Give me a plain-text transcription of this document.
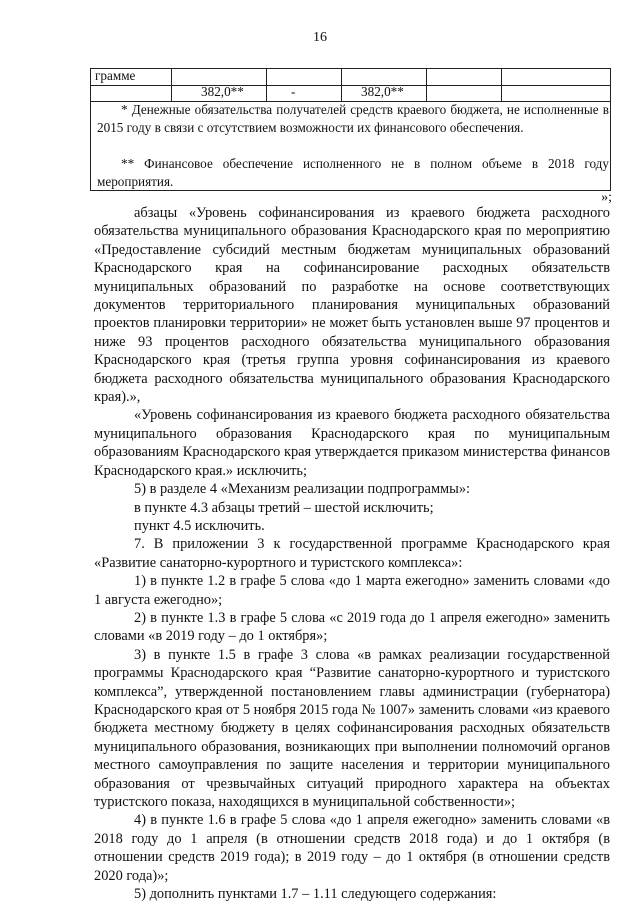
16
грамме
382,0**	-	382,0**
* Денежные обязательства получателей средств краевого бюджета, не исполненные в 2015 году в связи с отсутствием возможности их финансового обеспечения.
** Финансовое обеспечение исполненного не в полном объеме в 2018 году мероприятия.
»;

абзацы «Уровень софинансирования из краевого бюджета расходного обязательства муниципального образования Краснодарского края по мероприятию «Предоставление субсидий местным бюджетам муниципальных образований Краснодарского края на софинансирование расходных обязательств муниципальных образований по разработке на основе соответствующих документов территориального планирования муниципальных образований проектов планировки территории» не может быть установлен выше 97 процентов и ниже 93 процентов расходного обязательства муниципального образования Краснодарского края (третья группа уровня софинансирования из краевого бюджета расходного обязательства муниципального образования Краснодарского края).»,

«Уровень софинансирования из краевого бюджета расходного обязательства муниципального образования Краснодарского края по муниципальным образованиям Краснодарского края утверждается приказом министерства финансов Краснодарского края.» исключить;

5) в разделе 4 «Механизм реализации подпрограммы»:

в пункте 4.3 абзацы третий – шестой исключить;

пункт 4.5 исключить.

7. В приложении 3 к государственной программе Краснодарского края «Развитие санаторно-курортного и туристского комплекса»:

1) в пункте 1.2 в графе 5 слова «до 1 марта ежегодно» заменить словами «до 1 августа ежегодно»;

2) в пункте 1.3 в графе 5 слова «с 2019 года до 1 апреля ежегодно» заменить словами «в 2019 году – до 1 октября»;

3) в пункте 1.5 в графе 3 слова «в рамках реализации государственной программы Краснодарского края “Развитие санаторно-курортного и туристского комплекса”, утвержденной постановлением главы администрации (губернатора) Краснодарского края от 5 ноября 2015 года № 1007» заменить словами «из краевого бюджета местному бюджету в целях софинансирования расходных обязательств муниципального образования, возникающих при выполнении полномочий органов местного самоуправления по защите населения и территории муниципального образования от чрезвычайных ситуаций природного характера на объектах туристского показа, находящихся в муниципальной собственности»;

4) в пункте 1.6 в графе 5 слова «до 1 апреля ежегодно» заменить словами «в 2018 году до 1 апреля (в отношении средств 2018 года) и до 1 октября (в отношении средств 2019 года); в 2019 году – до 1 октября (в отношении средств 2020 года)»;

5) дополнить пунктами 1.7 – 1.11 следующего содержания:
